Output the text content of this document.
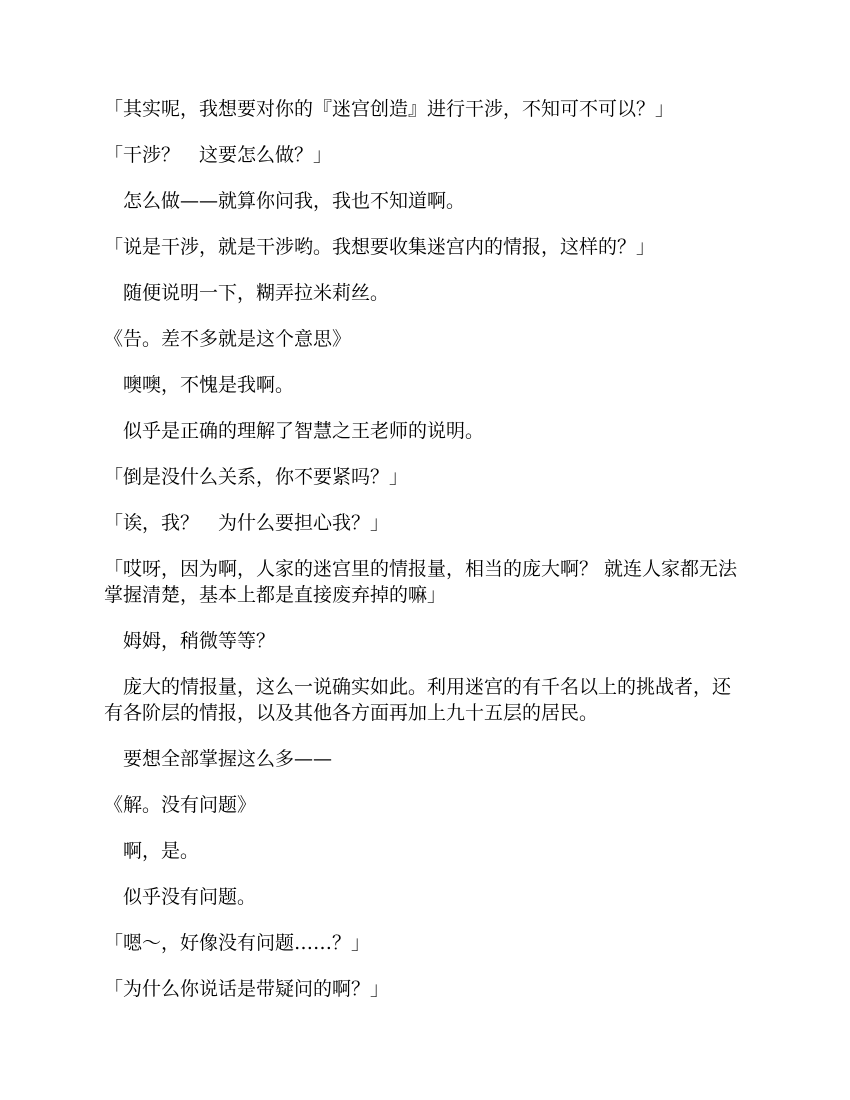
「其实呢，我想要对你的『迷宫创造』进行干涉，不知可不可以？」

「干涉？　这要怎么做？」

　怎么做——就算你问我，我也不知道啊。

「说是干涉，就是干涉哟。我想要收集迷宫内的情报，这样的？」

　随便说明一下，糊弄拉米莉丝。

《告。差不多就是这个意思》

　噢噢，不愧是我啊。

　似乎是正确的理解了智慧之王老师的说明。

「倒是没什么关系，你不要紧吗？」

「诶，我？　为什么要担心我？」

「哎呀，因为啊，人家的迷宫里的情报量，相当的庞大啊？ 就连人家都无法掌握清楚，基本上都是直接废弃掉的嘛」

　姆姆，稍微等等？

　庞大的情报量，这么一说确实如此。利用迷宫的有千名以上的挑战者，还有各阶层的情报，以及其他各方面再加上九十五层的居民。

　要想全部掌握这么多——

《解。没有问题》

　啊，是。

　似乎没有问题。

「嗯～，好像没有问题……？」

「为什么你说话是带疑问的啊？」
